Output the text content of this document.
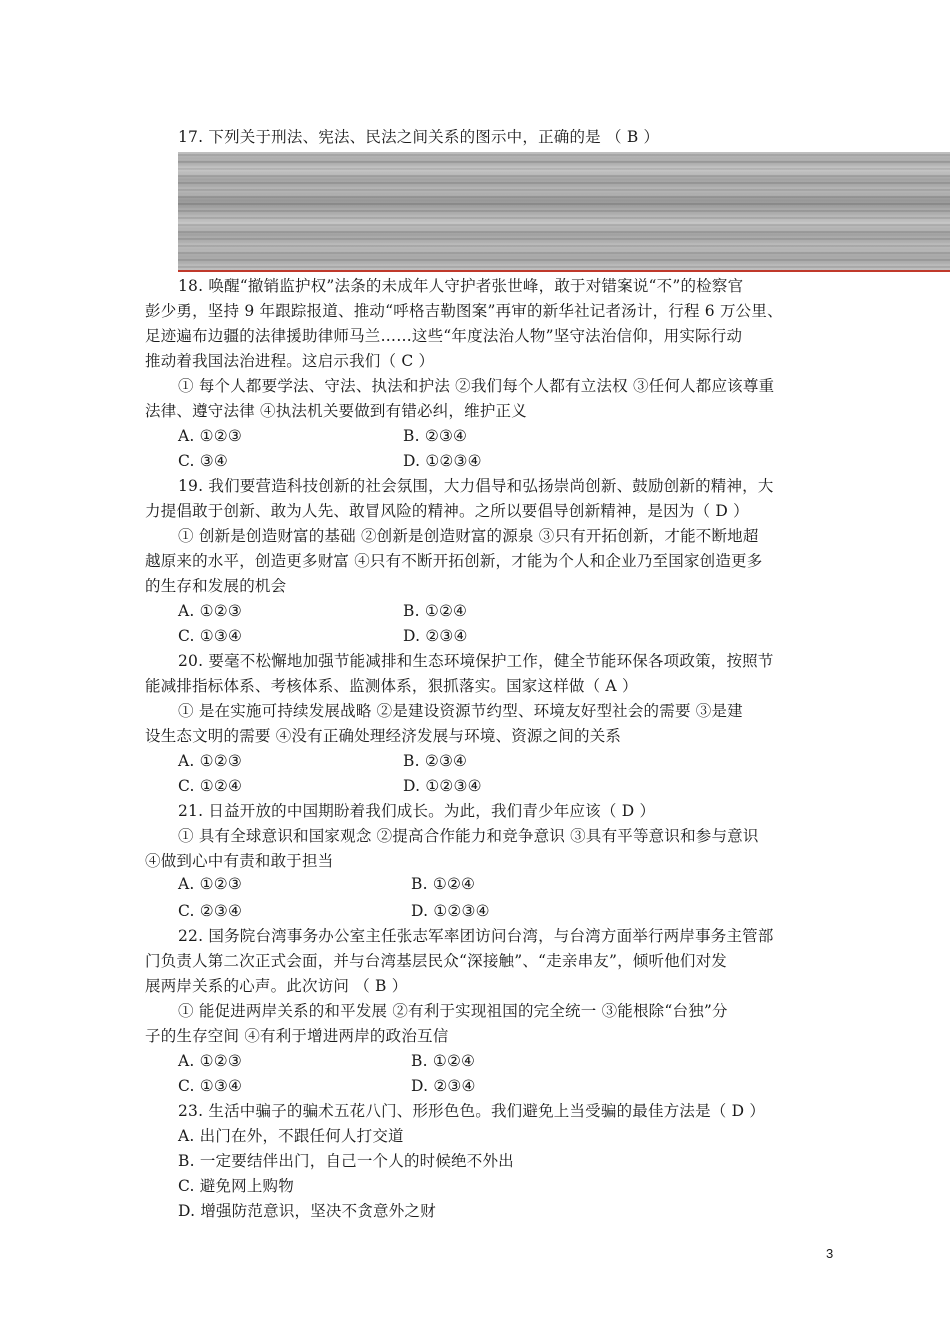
17. 下列关于刑法、宪法、民法之间关系的图示中，正确的是 （ B ）
18. 唤醒“撤销监护权”法条的未成年人守护者张世峰，敢于对错案说“不”的检察官
彭少勇，坚持 9 年跟踪报道、推动“呼格吉勒图案”再审的新华社记者汤计，行程 6 万公里、
足迹遍布边疆的法律援助律师马兰……这些“年度法治人物”坚守法治信仰，用实际行动
推动着我国法治进程。这启示我们（ C ）
① 每个人都要学法、守法、执法和护法 ②我们每个人都有立法权 ③任何人都应该尊重
法律、遵守法律 ④执法机关要做到有错必纠，维护正义
A. ①②③	B. ②③④
C. ③④	D. ①②③④
19. 我们要营造科技创新的社会氛围，大力倡导和弘扬崇尚创新、鼓励创新的精神，大
力提倡敢于创新、敢为人先、敢冒风险的精神。之所以要倡导创新精神，是因为（ D ）
① 创新是创造财富的基础 ②创新是创造财富的源泉 ③只有开拓创新，才能不断地超
越原来的水平，创造更多财富 ④只有不断开拓创新，才能为个人和企业乃至国家创造更多
的生存和发展的机会
A. ①②③	B. ①②④
C. ①③④	D. ②③④
20. 要毫不松懈地加强节能减排和生态环境保护工作，健全节能环保各项政策，按照节
能减排指标体系、考核体系、监测体系，狠抓落实。国家这样做（ A ）
① 是在实施可持续发展战略 ②是建设资源节约型、环境友好型社会的需要 ③是建
设生态文明的需要 ④没有正确处理经济发展与环境、资源之间的关系
A. ①②③	B. ②③④
C. ①②④	D. ①②③④
21. 日益开放的中国期盼着我们成长。为此，我们青少年应该（ D ）
① 具有全球意识和国家观念 ②提高合作能力和竞争意识 ③具有平等意识和参与意识
④做到心中有责和敢于担当
A. ①②③	B. ①②④
C. ②③④	D. ①②③④
22. 国务院台湾事务办公室主任张志军率团访问台湾，与台湾方面举行两岸事务主管部
门负责人第二次正式会面，并与台湾基层民众“深接触”、“走亲串友”，倾听他们对发
展两岸关系的心声。此次访问 （ B ）
① 能促进两岸关系的和平发展 ②有利于实现祖国的完全统一 ③能根除“台独”分
子的生存空间 ④有利于增进两岸的政治互信
A. ①②③	B. ①②④
C. ①③④	D. ②③④
23. 生活中骗子的骗术五花八门、形形色色。我们避免上当受骗的最佳方法是（ D ）
A. 出门在外，不跟任何人打交道
B. 一定要结伴出门，自己一个人的时候绝不外出
C. 避免网上购物
D. 增强防范意识，坚决不贪意外之财
3
